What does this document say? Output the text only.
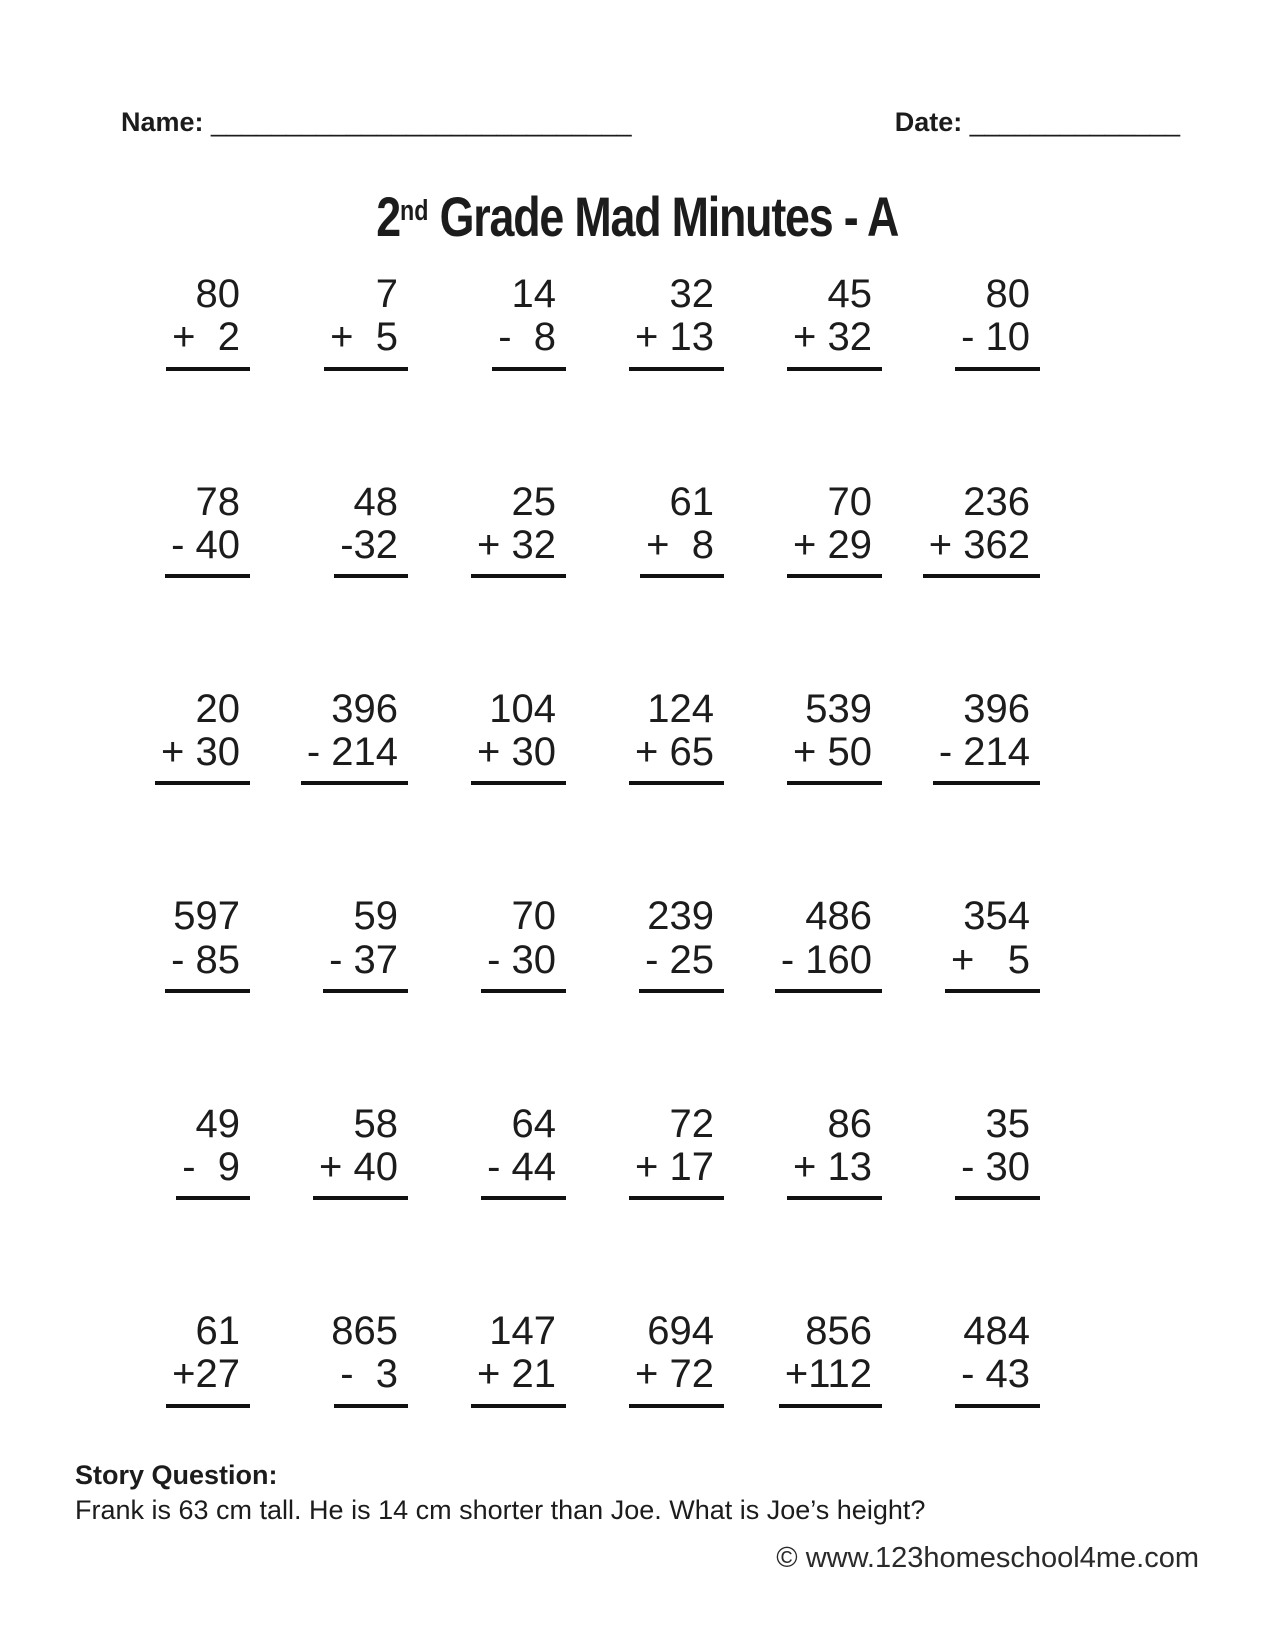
Name: ____________________________
	Date: ______________

2nd Grade Mad Minutes - A
80
+  2
7
+  5
14
-  8
32
+ 13
45
+ 32
80
- 10
78
- 40
48
-32
25
+ 32
61
+  8
70
+ 29
236
+ 362
20
+ 30
396
- 214
104
+ 30
124
+ 65
539
+ 50
396
- 214
597
- 85
59
- 37
70
- 30
239
- 25
486
- 160
354
+   5
49
-  9
58
+ 40
64
- 44
72
+ 17
86
+ 13
35
- 30
61
+27
865
-  3
147
+ 21
694
+ 72
856
+112
484
- 43
Story Question:
Frank is 63 cm tall. He is 14 cm shorter than Joe. What is Joe’s height?
© www.123homeschool4me.com
